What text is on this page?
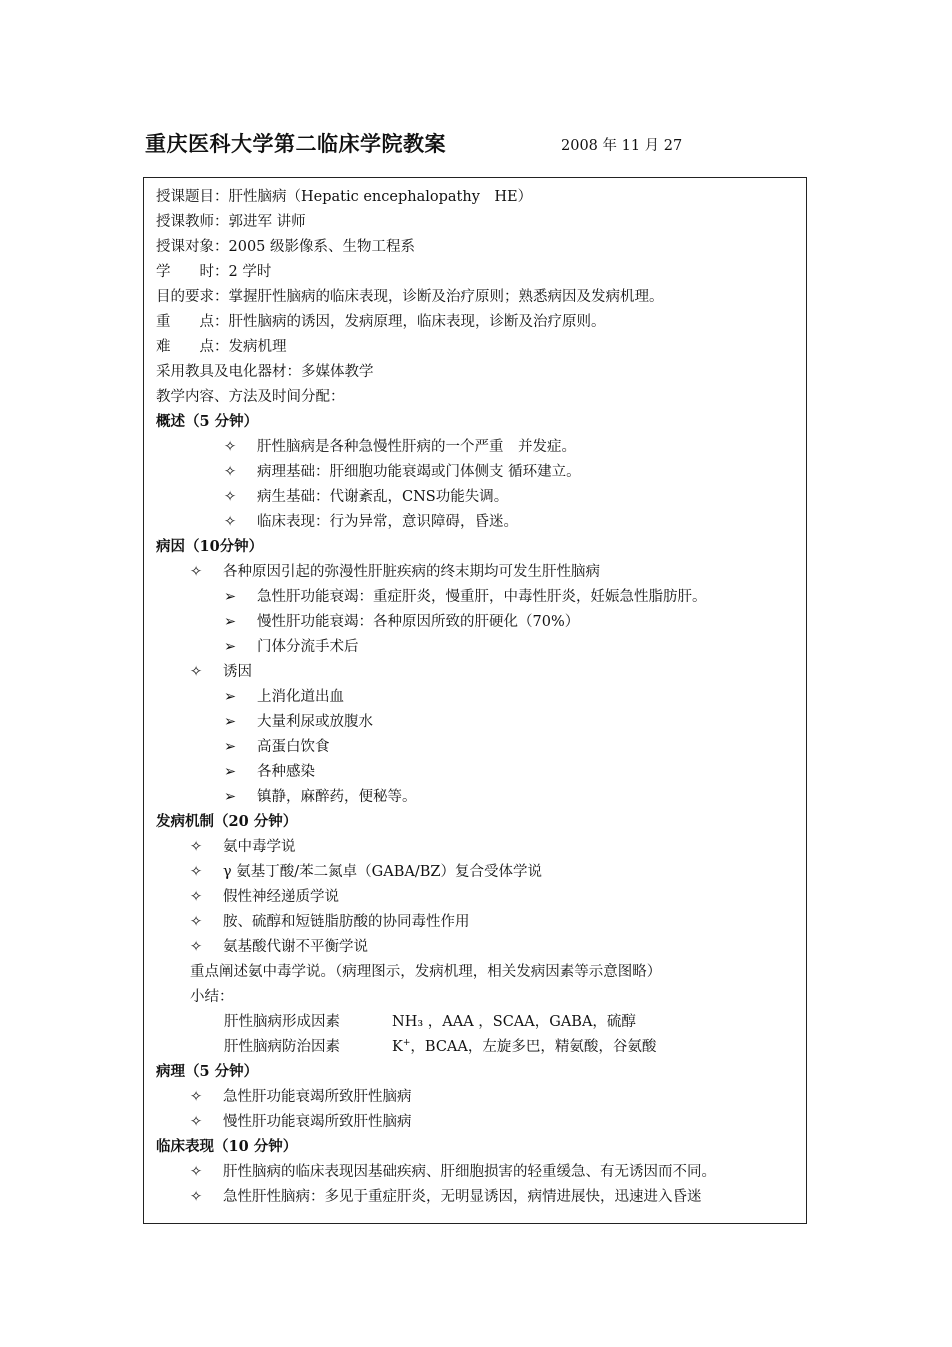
重庆医科大学第二临床学院教案	2008 年 11 月 27
授课题目：肝性脑病（Hepatic encephalopathy　HE）
授课教师：郭进军 讲师
授课对象：2005 级影像系、生物工程系
学　　时：2 学时
目的要求：掌握肝性脑病的临床表现，诊断及治疗原则；熟悉病因及发病机理。
重　　点：肝性脑病的诱因，发病原理，临床表现，诊断及治疗原则。
难　　点：发病机理
采用教具及电化器材：多媒体教学
教学内容、方法及时间分配：
概述（5 分钟）
✧ 肝性脑病是各种急慢性肝病的一个严重　并发症。
✧ 病理基础：肝细胞功能衰竭或门体侧支 循环建立。
✧ 病生基础：代谢紊乱，CNS功能失调。
✧ 临床表现：行为异常，意识障碍，昏迷。
病因（10分钟）
✧ 各种原因引起的弥漫性肝脏疾病的终末期均可发生肝性脑病
➢ 急性肝功能衰竭：重症肝炎，慢重肝，中毒性肝炎，妊娠急性脂肪肝。
➢ 慢性肝功能衰竭：各种原因所致的肝硬化（70%）
➢ 门体分流手术后
✧ 诱因
➢ 上消化道出血
➢ 大量利尿或放腹水
➢ 高蛋白饮食
➢ 各种感染
➢ 镇静，麻醉药，便秘等。
发病机制（20 分钟）
✧ 氨中毒学说
✧ γ 氨基丁酸/苯二氮卓（GABA/BZ）复合受体学说
✧ 假性神经递质学说
✧ 胺、硫醇和短链脂肪酸的协同毒性作用
✧ 氨基酸代谢不平衡学说
重点阐述氨中毒学说。（病理图示，发病机理，相关发病因素等示意图略）
小结：
肝性脑病形成因素	NH₃ ，AAA ，SCAA，GABA，硫醇
肝性脑病防治因素	K+，BCAA，左旋多巴，精氨酸，谷氨酸
病理（5 分钟）
✧ 急性肝功能衰竭所致肝性脑病
✧ 慢性肝功能衰竭所致肝性脑病
临床表现（10 分钟）
✧ 肝性脑病的临床表现因基础疾病、肝细胞损害的轻重缓急、有无诱因而不同。
✧ 急性肝性脑病：多见于重症肝炎，无明显诱因，病情进展快，迅速进入昏迷
